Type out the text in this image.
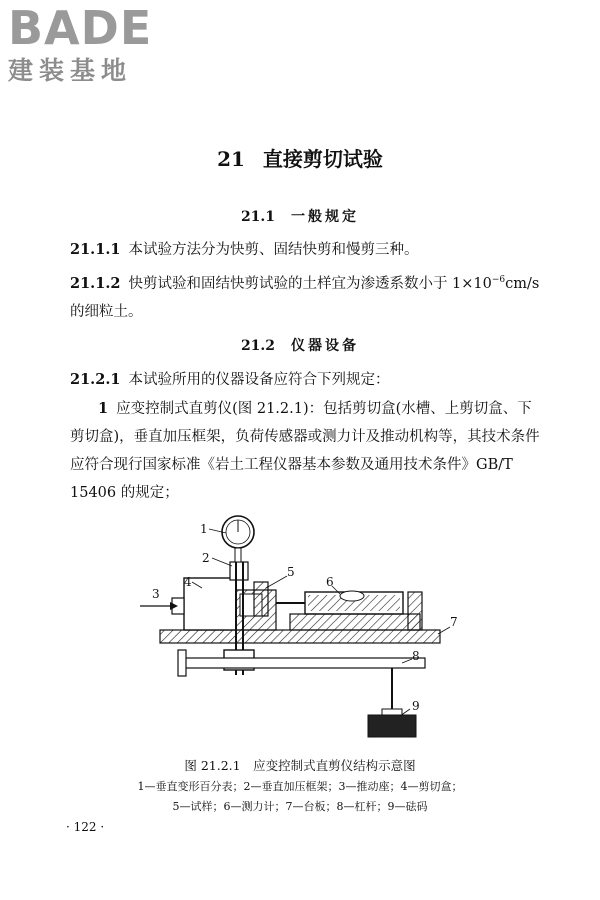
BADE
建装基地
21 直接剪切试验
21.1 一般规定
21.1.1 本试验方法分为快剪、固结快剪和慢剪三种。
21.1.2 快剪试验和固结快剪试验的土样宜为渗透系数小于 $1\times 10^{-6}cm/s$ 的细粒土。
21.2 仪器设备
21.2.1 本试验所用的仪器设备应符合下列规定：
1 应变控制式直剪仪(图 21.2.1)：包括剪切盒(水槽、上剪切盒、下剪切盒)，垂直加压框架，负荷传感器或测力计及推动机构等，其技术条件应符合现行国家标准《岩土工程仪器基本参数及通用技术条件》GB/T 15406 的规定；
1
2
3
4
5
6
7
8
9
图 21.2.1　应变控制式直剪仪结构示意图
1—垂直变形百分表；2—垂直加压框架；3—推动座；4—剪切盒；
5—试样；6—测力计；7—台板；8—杠杆；9—砝码
· 122 ·
